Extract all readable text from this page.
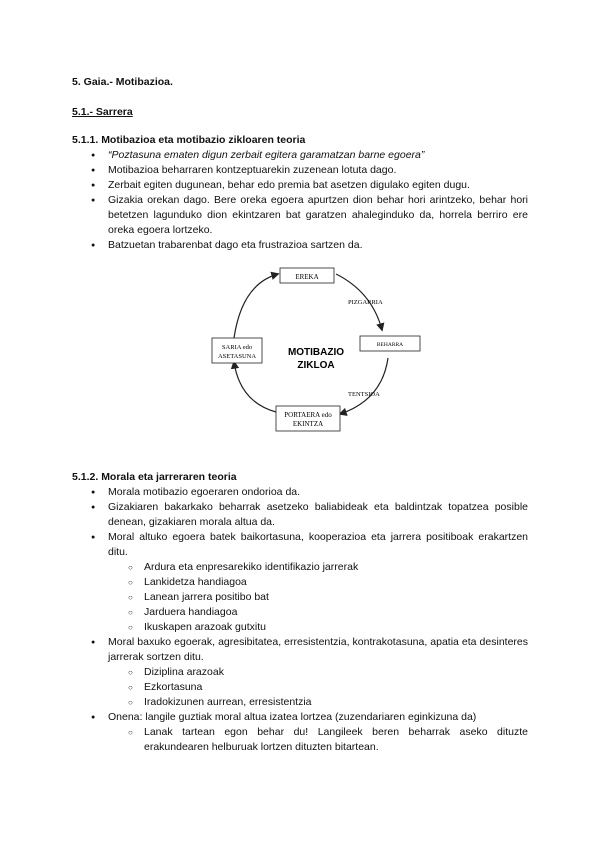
5. Gaia.- Motibazioa.
5.1.- Sarrera
5.1.1. Motibazioa eta motibazio zikloaren teoria
● “Poztasuna ematen digun zerbait egitera garamatzan barne egoera”
● Motibazioa beharraren kontzeptuarekin zuzenean lotuta dago.
● Zerbait egiten dugunean, behar edo premia bat asetzen digulako egiten dugu.
● Gizakia orekan dago. Bere oreka egoera apurtzen dion behar hori arintzeko, behar hori betetzen lagunduko dion ekintzaren bat garatzen ahaleginduko da, horrela berriro ere oreka egoera lortzeko.
● Batzuetan trabarenbat dago eta frustrazioa sartzen da.
EREKA
BEHARRA
PORTAERA edo
EKINTZA
SARIA edo
ASETASUNA
PIZGARRIA
TENTSIOA
MOTIBAZIO
ZIKLOA
5.1.2. Morala eta jarreraren teoria
● Morala motibazio egoeraren ondorioa da.
● Gizakiaren bakarkako beharrak asetzeko baliabideak eta baldintzak topatzea posible denean, gizakiaren morala altua da.
● Moral altuko egoera batek baikortasuna, kooperazioa eta jarrera positiboak erakartzen ditu.
○ Ardura eta enpresarekiko identifikazio jarrerak
○ Lankidetza handiagoa
○ Lanean jarrera positibo bat
○ Jarduera handiagoa
○ Ikuskapen arazoak gutxitu
● Moral baxuko egoerak, agresibitatea, erresistentzia, kontrakotasuna, apatia eta desinteres jarrerak sortzen ditu.
○ Diziplina arazoak
○ Ezkortasuna
○ Iradokizunen aurrean, erresistentzia
● Onena: langile guztiak moral altua izatea lortzea (zuzendariaren eginkizuna da)
○ Lanak tartean egon behar du! Langileek beren beharrak aseko dituzte erakundearen helburuak lortzen dituzten bitartean.
